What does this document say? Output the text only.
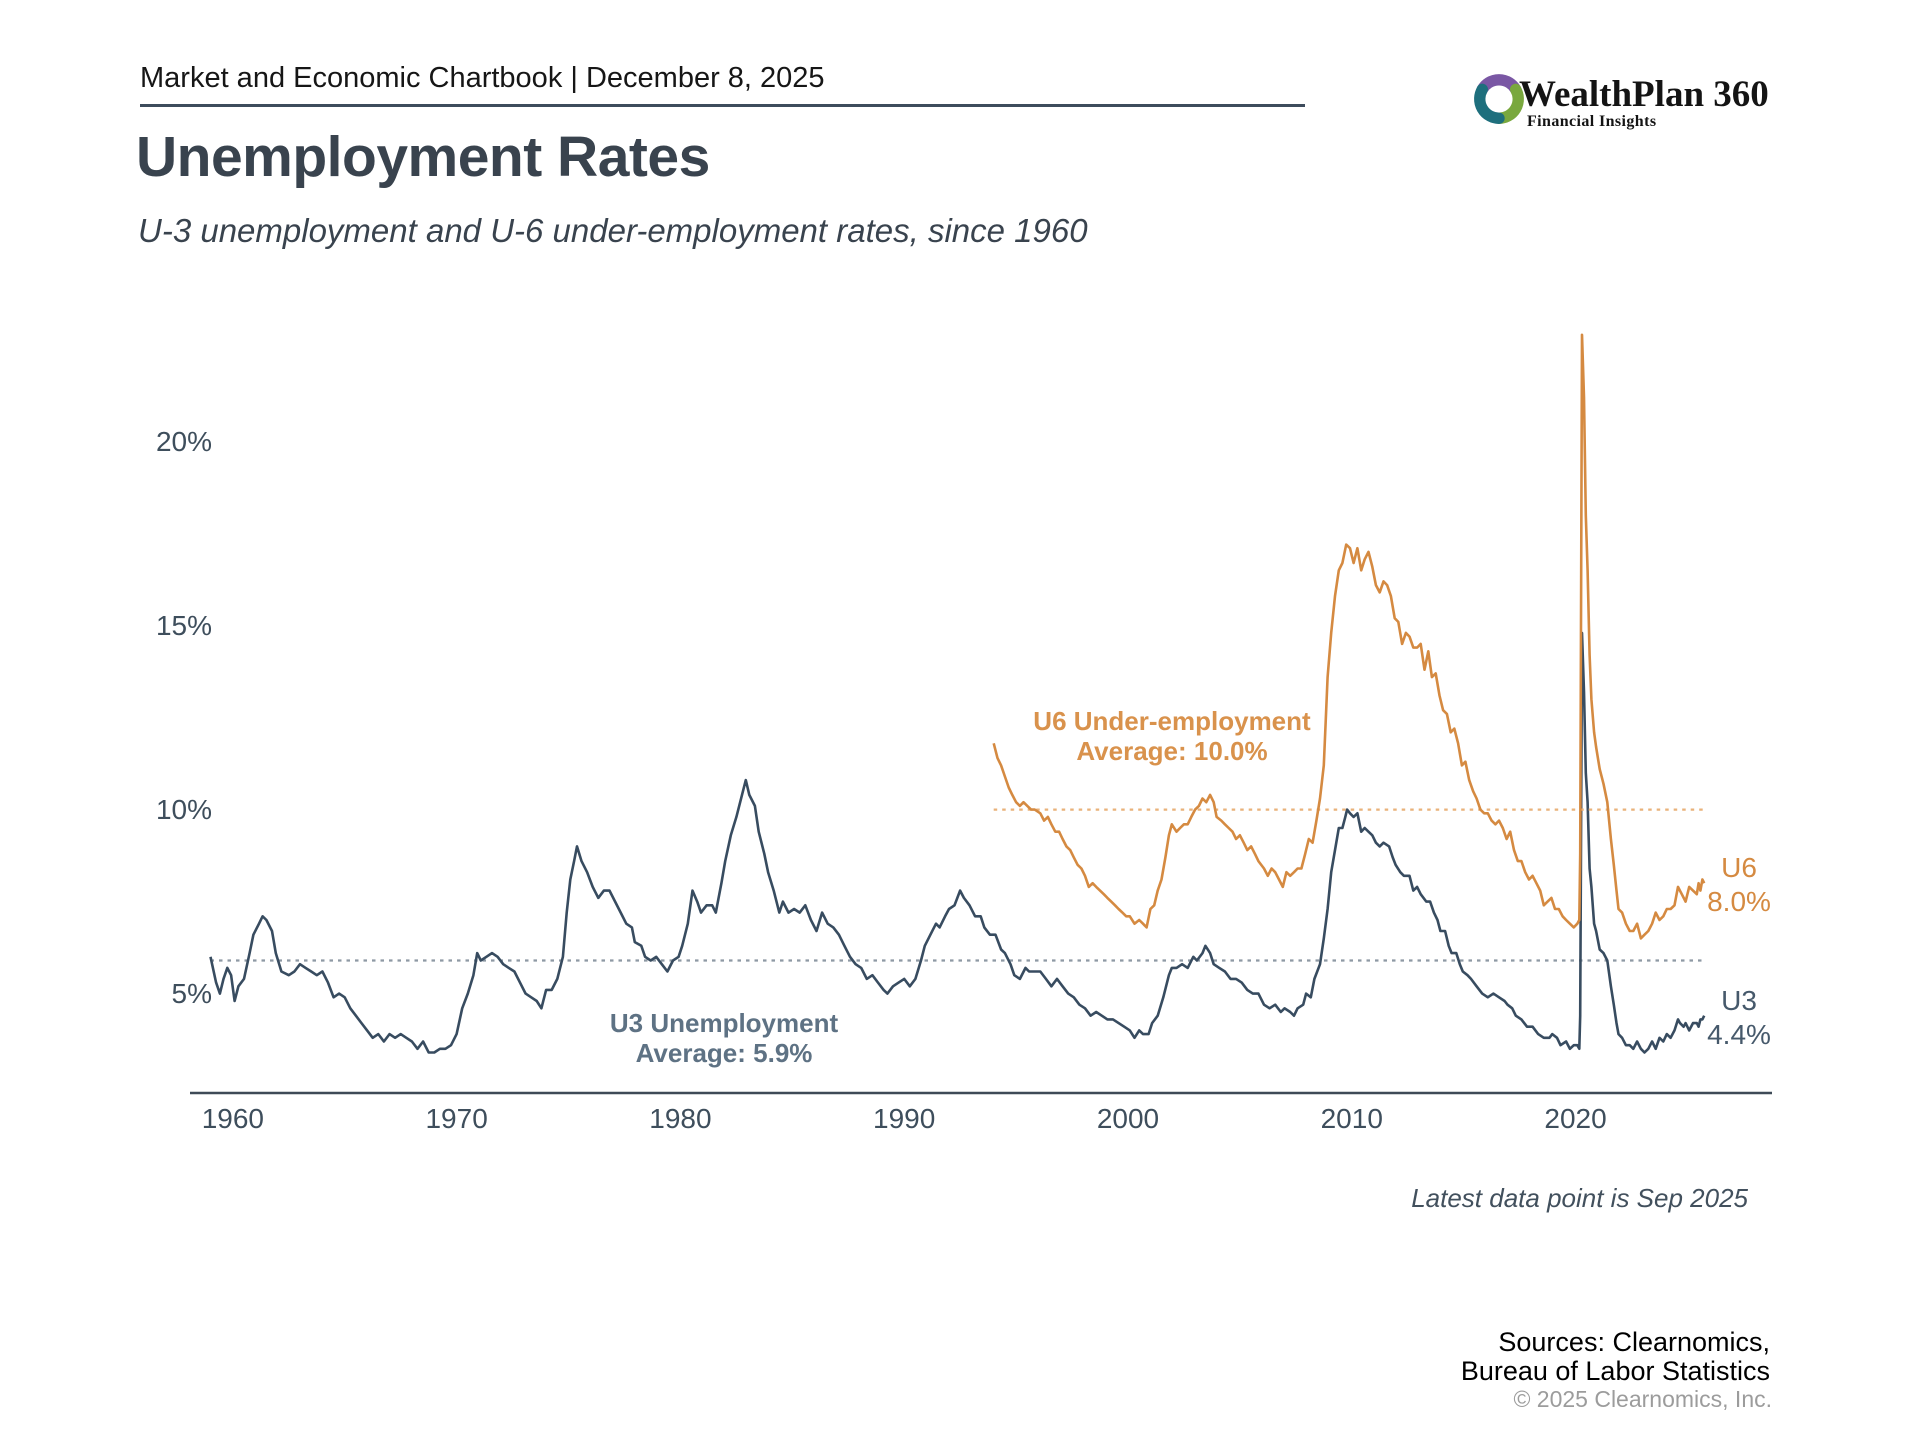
Market and Economic Chartbook | December 8, 2025	WealthPlan 360
Financial Insights
Unemployment Rates
U-3 unemployment and U-6 under-employment rates, since 1960
1960	1970	1980	1990	2000	2010	2020
5%
10%
15%
20%
U6 Under-employment
Average: 10.0%
U3 Unemployment
Average: 5.9%
U6
8.0%
U3
4.4%
Latest data point is Sep 2025
Sources: Clearnomics,
Bureau of Labor Statistics
© 2025 Clearnomics, Inc.
